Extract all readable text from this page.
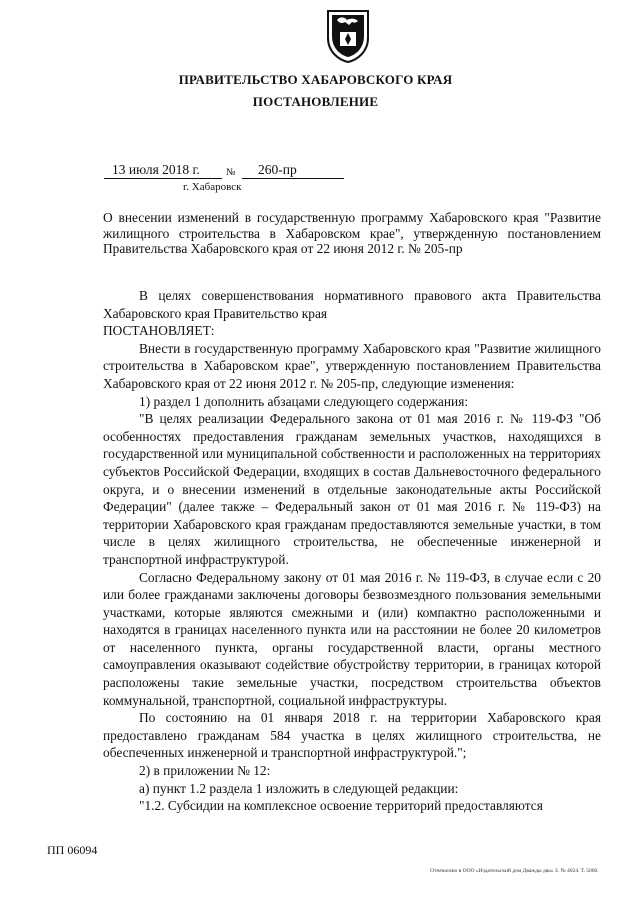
ПРАВИТЕЛЬСТВО ХАБАРОВСКОГО КРАЯ
ПОСТАНОВЛЕНИЕ
13 июля 2018 г.	№	260-пр
г. Хабаровск
О внесении изменений в государственную программу Хабаровского края "Развитие жилищного строительства в Хабаровском крае", утвержденную постановлением Правительства Хабаровского края от 22 июня 2012 г. № 205-пр

В целях совершенствования нормативного правового акта Правительства Хабаровского края Правительство края

ПОСТАНОВЛЯЕТ:

Внести в государственную программу Хабаровского края "Развитие жилищного строительства в Хабаровском крае", утвержденную постановлением Правительства Хабаровского края от 22 июня 2012 г. № 205-пр, следующие изменения:

1) раздел 1 дополнить абзацами следующего содержания:

"В целях реализации Федерального закона от 01 мая 2016 г. № 119-ФЗ "Об особенностях предоставления гражданам земельных участков, находящихся в государственной или муниципальной собственности и расположенных на территориях субъектов Российской Федерации, входящих в состав Дальневосточного федерального округа, и о внесении изменений в отдельные законодательные акты Российской Федерации" (далее также – Федеральный закон от 01 мая 2016 г. № 119-ФЗ) на территории Хабаровского края гражданам предоставляются земельные участки, в том числе в целях жилищного строительства, не обеспеченные инженерной и транспортной инфраструктурой.

Согласно Федеральному закону от 01 мая 2016 г. № 119-ФЗ, в случае если с 20 или более гражданами заключены договоры безвозмездного пользования земельными участками, которые являются смежными и (или) компактно расположенными и находятся в границах населенного пункта или на расстоянии не более 20 километров от населенного пункта, органы государственной власти, органы местного самоуправления оказывают содействие обустройству территории, в границах которой расположены такие земельные участки, посредством строительства объектов коммунальной, транспортной, социальной инфраструктуры.

По состоянию на 01 января 2018 г. на территории Хабаровского края предоставлено гражданам 584 участка в целях жилищного строительства, не обеспеченных инженерной и транспортной инфраструктурой.";

2) в приложении № 12:

а) пункт 1.2 раздела 1 изложить в следующей редакции:

"1.2. Субсидии на комплексное освоение территорий предоставляются

ПП 06094
Отпечатано в ООО «Издательский дом Дважды два» З. № 4624. Т. 5000.
